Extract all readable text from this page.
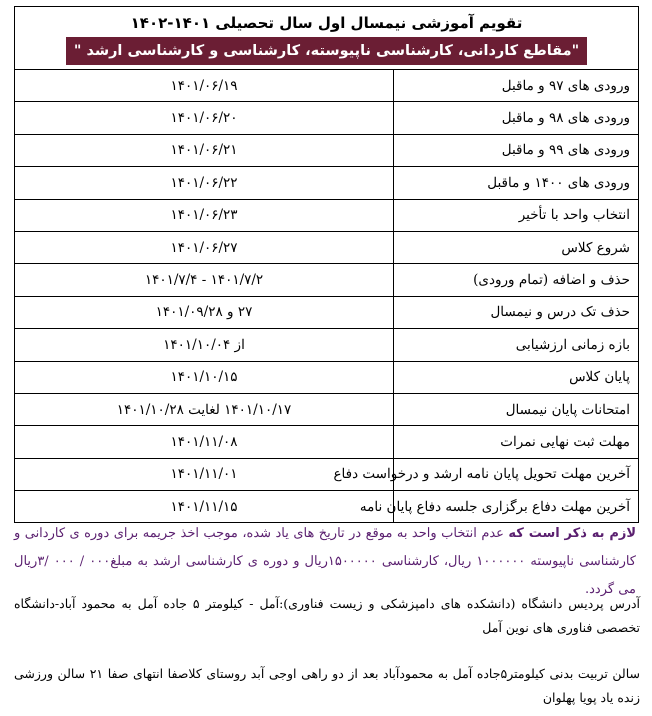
تقویم آموزشی نیمسال اول سال تحصیلی ۱۴۰۱-۱۴۰۲
"مقاطع کاردانی، کارشناسی ناپیوسته، کارشناسی و کارشناسی ارشد "
ورودی های ۹۷ و ماقبل	۱۴۰۱/۰۶/۱۹
ورودی های ۹۸ و ماقبل	۱۴۰۱/۰۶/۲۰
ورودی های ۹۹ و ماقبل	۱۴۰۱/۰۶/۲۱
ورودی های ۱۴۰۰ و ماقبل	۱۴۰۱/۰۶/۲۲
انتخاب واحد با تأخیر	۱۴۰۱/۰۶/۲۳
شروع کلاس	۱۴۰۱/۰۶/۲۷
حذف و اضافه (تمام ورودی)	۱۴۰۱/۷/۲ - ۱۴۰۱/۷/۴
حذف تک درس و نیمسال	۲۷ و ۱۴۰۱/۰۹/۲۸
بازه زمانی ارزشیابی	از ۱۴۰۱/۱۰/۰۴
پایان کلاس	۱۴۰۱/۱۰/۱۵
امتحانات پایان نیمسال	۱۴۰۱/۱۰/۱۷ لغایت ۱۴۰۱/۱۰/۲۸
مهلت ثبت نهایی نمرات	۱۴۰۱/۱۱/۰۸
آخرین مهلت تحویل پایان نامه ارشد و درخواست دفاع	۱۴۰۱/۱۱/۰۱
آخرین مهلت دفاع برگزاری جلسه دفاع پایان نامه	۱۴۰۱/۱۱/۱۵
لازم به ذکر است که عدم انتخاب واحد به موقع در تاریخ های یاد شده، موجب اخذ جریمه برای دوره ی کاردانی و کارشناسی ناپیوسته ۱۰۰۰۰۰۰ ریال، کارشناسی ۱۵۰۰۰۰۰ریال و دوره ی کارشناسی ارشد به مبلغ۰۰۰ / ۰۰۰ /۳ریال می گردد.
آدرس پردیس دانشگاه (دانشکده های دامپزشکی و زیست فناوری):آمل - کیلومتر ۵ جاده آمل به محمود آباد-دانشگاه تخصصی فناوری های نوین آمل
سالن تربیت بدنی کیلومتر۵جاده آمل به محمودآباد بعد از دو راهی اوجی آبد روستای کلاصفا انتهای صفا ۲۱ سالن ورزشی زنده یاد پویا پهلوان
